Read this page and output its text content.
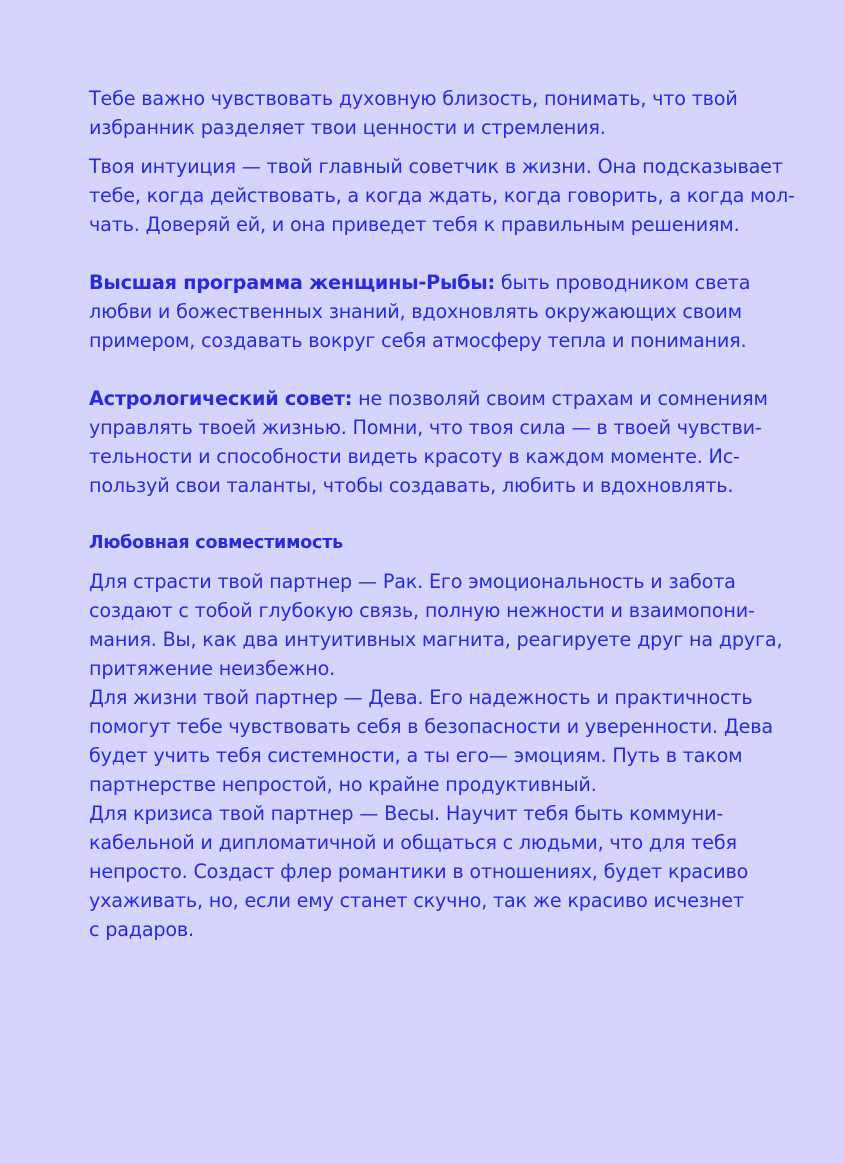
Тебе важно чувствовать духовную близость, понимать, что твой
избранник разделяет твои ценности и стремления.

Твоя интуиция — твой главный советчик в жизни. Она подсказывает
тебе, когда действовать, а когда ждать, когда говорить, а когда мол-
чать. Доверяй ей, и она приведет тебя к правильным решениям.

Высшая программа женщины-Рыбы: быть проводником света
любви и божественных знаний, вдохновлять окружающих своим
примером, создавать вокруг себя атмосферу тепла и понимания.

Астрологический совет: не позволяй своим страхам и сомнениям
управлять твоей жизнью. Помни, что твоя сила — в твоей чувстви-
тельности и способности видеть красоту в каждом моменте. Ис-
пользуй свои таланты, чтобы создавать, любить и вдохновлять.

Любовная совместимость

Для страсти твой партнер — Рак. Его эмоциональность и забота
создают с тобой глубокую связь, полную нежности и взаимопони-
мания. Вы, как два интуитивных магнита, реагируете друг на друга,
притяжение неизбежно.
Для жизни твой партнер — Дева. Его надежность и практичность
помогут тебе чувствовать себя в безопасности и уверенности. Дева
будет учить тебя системности, а ты его— эмоциям. Путь в таком
партнерстве непростой, но крайне продуктивный.
Для кризиса твой партнер — Весы. Научит тебя быть коммуни-
кабельной и дипломатичной и общаться с людьми, что для тебя
непросто. Создаст флер романтики в отношениях, будет красиво
ухаживать, но, если ему станет скучно, так же красиво исчезнет
с радаров.
